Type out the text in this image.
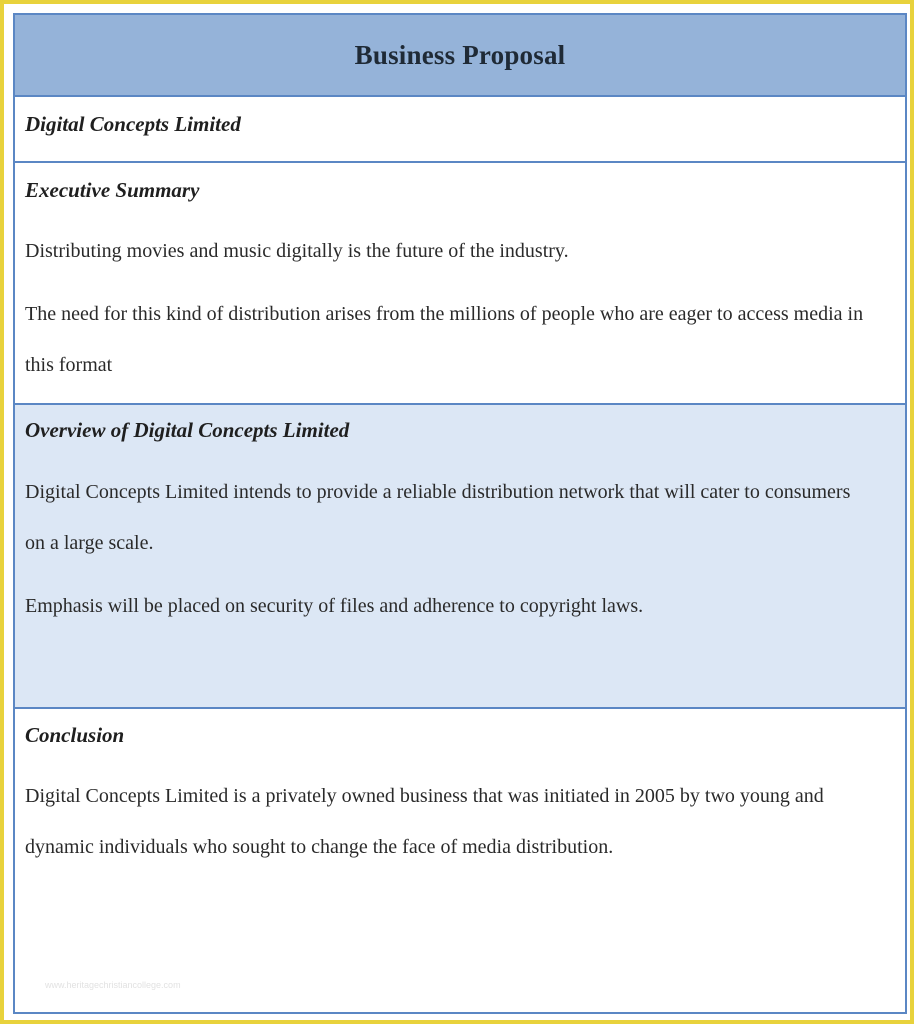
Business Proposal
Digital Concepts Limited
Executive Summary
Distributing movies and music digitally is the future of the industry.
The need for this kind of distribution arises from the millions of people who are eager to access media in this format
Overview of Digital Concepts Limited
Digital Concepts Limited intends to provide a reliable distribution network that will cater to consumers on a large scale.
Emphasis will be placed on security of files and adherence to copyright laws.
Conclusion
Digital Concepts Limited is a privately owned business that was initiated in 2005 by two young and dynamic individuals who sought to change the face of media distribution.
www.heritagechristiancollege.com
